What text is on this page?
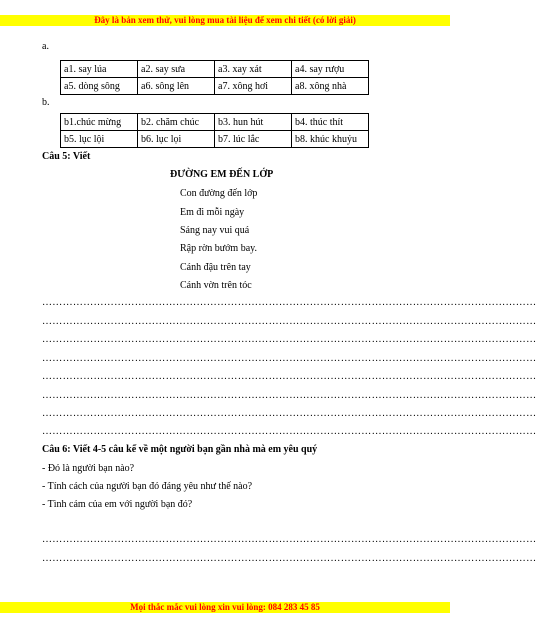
Đây là bản xem thử, vui lòng mua tài liệu để xem chi tiết (có lời giải)
a.
a1. say lúa	a2. say sưa	a3. xay xát	a4. say rượu
a5. dòng sông	a6. sông lên	a7. xông hơi	a8. xông nhà
b.
b1.chúc mừng	b2. chăm chúc	b3. hun hút	b4. thúc thít
b5. lục lội	b6. lục lọi	b7. lúc lắc	b8. khúc khuỷu
Câu 5: Viết
ĐƯỜNG EM ĐẾN LỚP
Con đường đến lớp
Em đi mỗi ngày
Sáng nay vui quá
Rập rờn bướm bay.
Cánh đậu trên tay
Cánh vờn trên tóc
………………………………………………………………………………………………………………………………
………………………………………………………………………………………………………………………………
………………………………………………………………………………………………………………………………
………………………………………………………………………………………………………………………………
………………………………………………………………………………………………………………………………
………………………………………………………………………………………………………………………………
………………………………………………………………………………………………………………………………
………………………………………………………………………………………………………………………………
Câu 6: Viết 4-5 câu kể về một người bạn gần nhà mà em yêu quý
- Đó là người bạn nào?
- Tính cách của người bạn đó đáng yêu như thế nào?
- Tình cảm của em với người bạn đó?
………………………………………………………………………………………………………………………………
………………………………………………………………………………………………………………………………
Mọi thắc mắc vui lòng xin vui lòng: 084 283 45 85
